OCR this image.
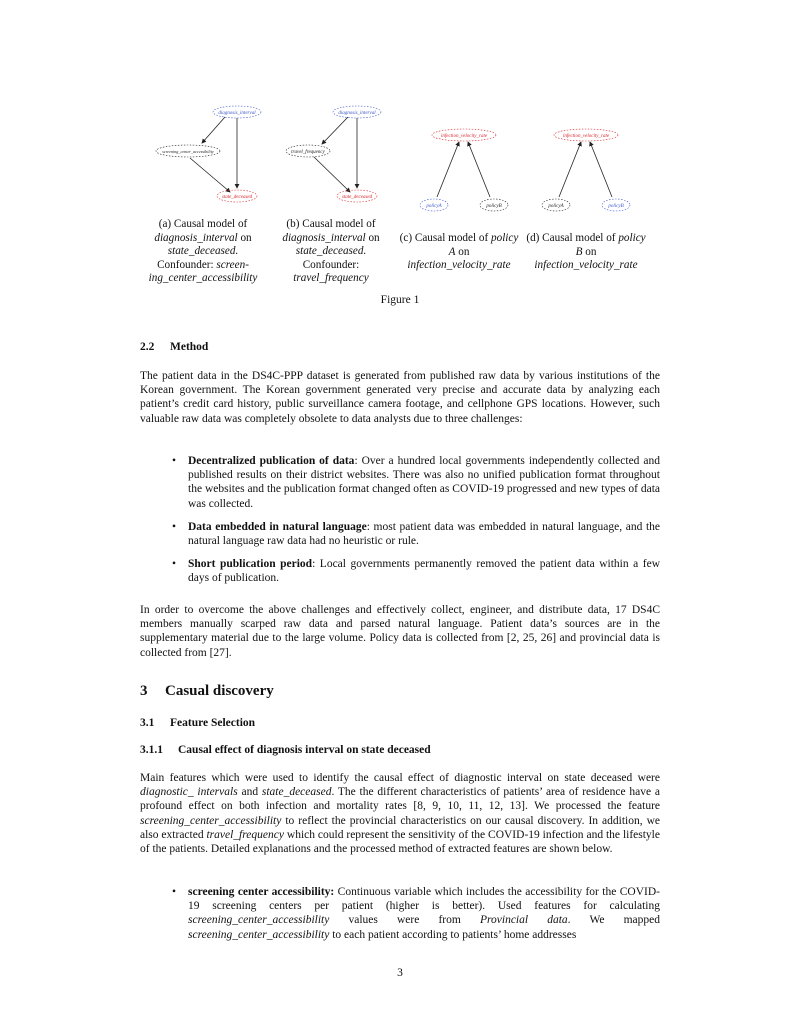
diagnosis_interval
screening_center_accessibility
state_deceased
diagnosis_interval
travel_frequency
state_deceased
infection_velocity_rate
policyA	policyB
infection_velocity_rate
policyA	policyB
(a) Causal model of
diagnosis_interval on
state_deceased.
Confounder: screen-
ing_center_accessibility
(b) Causal model of
diagnosis_interval on
state_deceased.
Confounder:
travel_frequency
(c) Causal model of policy
A on
infection_velocity_rate
(d) Causal model of policy
B on
infection_velocity_rate
Figure 1
2.2 Method
The patient data in the DS4C-PPP dataset is generated from published raw data by various institutions of the Korean government. The Korean government generated very precise and accurate data by analyzing each patient’s credit card history, public surveillance camera footage, and cellphone GPS locations. However, such valuable raw data was completely obsolete to data analysts due to three challenges:
• Decentralized publication of data: Over a hundred local governments independently collected and published results on their district websites. There was also no unified publication format throughout the websites and the publication format changed often as COVID-19 progressed and new types of data was collected.
• Data embedded in natural language: most patient data was embedded in natural language, and the natural language raw data had no heuristic or rule.
• Short publication period: Local governments permanently removed the patient data within a few days of publication.
In order to overcome the above challenges and effectively collect, engineer, and distribute data, 17 DS4C members manually scarped raw data and parsed natural language. Patient data’s sources are in the supplementary material due to the large volume. Policy data is collected from [2, 25, 26] and provincial data is collected from [27].
3 Casual discovery
3.1 Feature Selection
3.1.1 Causal effect of diagnosis interval on state deceased
Main features which were used to identify the causal effect of diagnostic interval on state deceased were diagnostic_ intervals and state_deceased. The the different characteristics of patients’ area of residence have a profound effect on both infection and mortality rates [8, 9, 10, 11, 12, 13]. We processed the feature screening_center_accessibility to reflect the provincial characteristics on our causal discovery. In addition, we also extracted travel_frequency which could represent the sensitivity of the COVID-19 infection and the lifestyle of the patients. Detailed explanations and the processed method of extracted features are shown below.
• screening center accessibility: Continuous variable which includes the accessibility for the COVID-19 screening centers per patient (higher is better). Used features for calculating screening_center_accessibility values were from Provincial data. We mapped screening_center_accessibility to each patient according to patients’ home addresses
3
